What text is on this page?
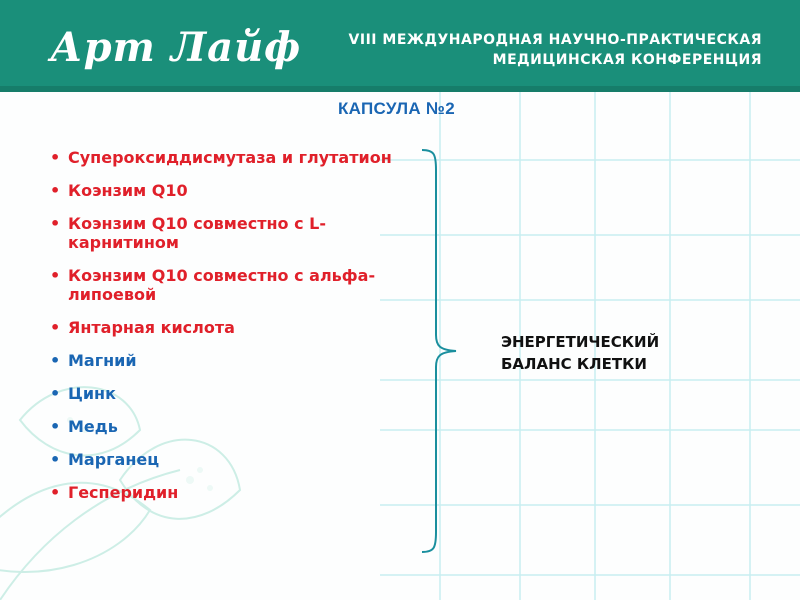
Арт Лайф	VIII МЕЖДУНАРОДНАЯ НАУЧНО-ПРАКТИЧЕСКАЯ
МЕДИЦИНСКАЯ КОНФЕРЕНЦИЯ
КАПСУЛА №2
• Супероксиддисмутаза и глутатион
• Коэнзим Q10
• Коэнзим Q10 совместно с L-карнитином
• Коэнзим Q10 совместно с альфа-липоевой
• Янтарная кислота
• Магний
• Цинк
• Медь
• Марганец
• Гесперидин
ЭНЕРГЕТИЧЕСКИЙ
БАЛАНС КЛЕТКИ
